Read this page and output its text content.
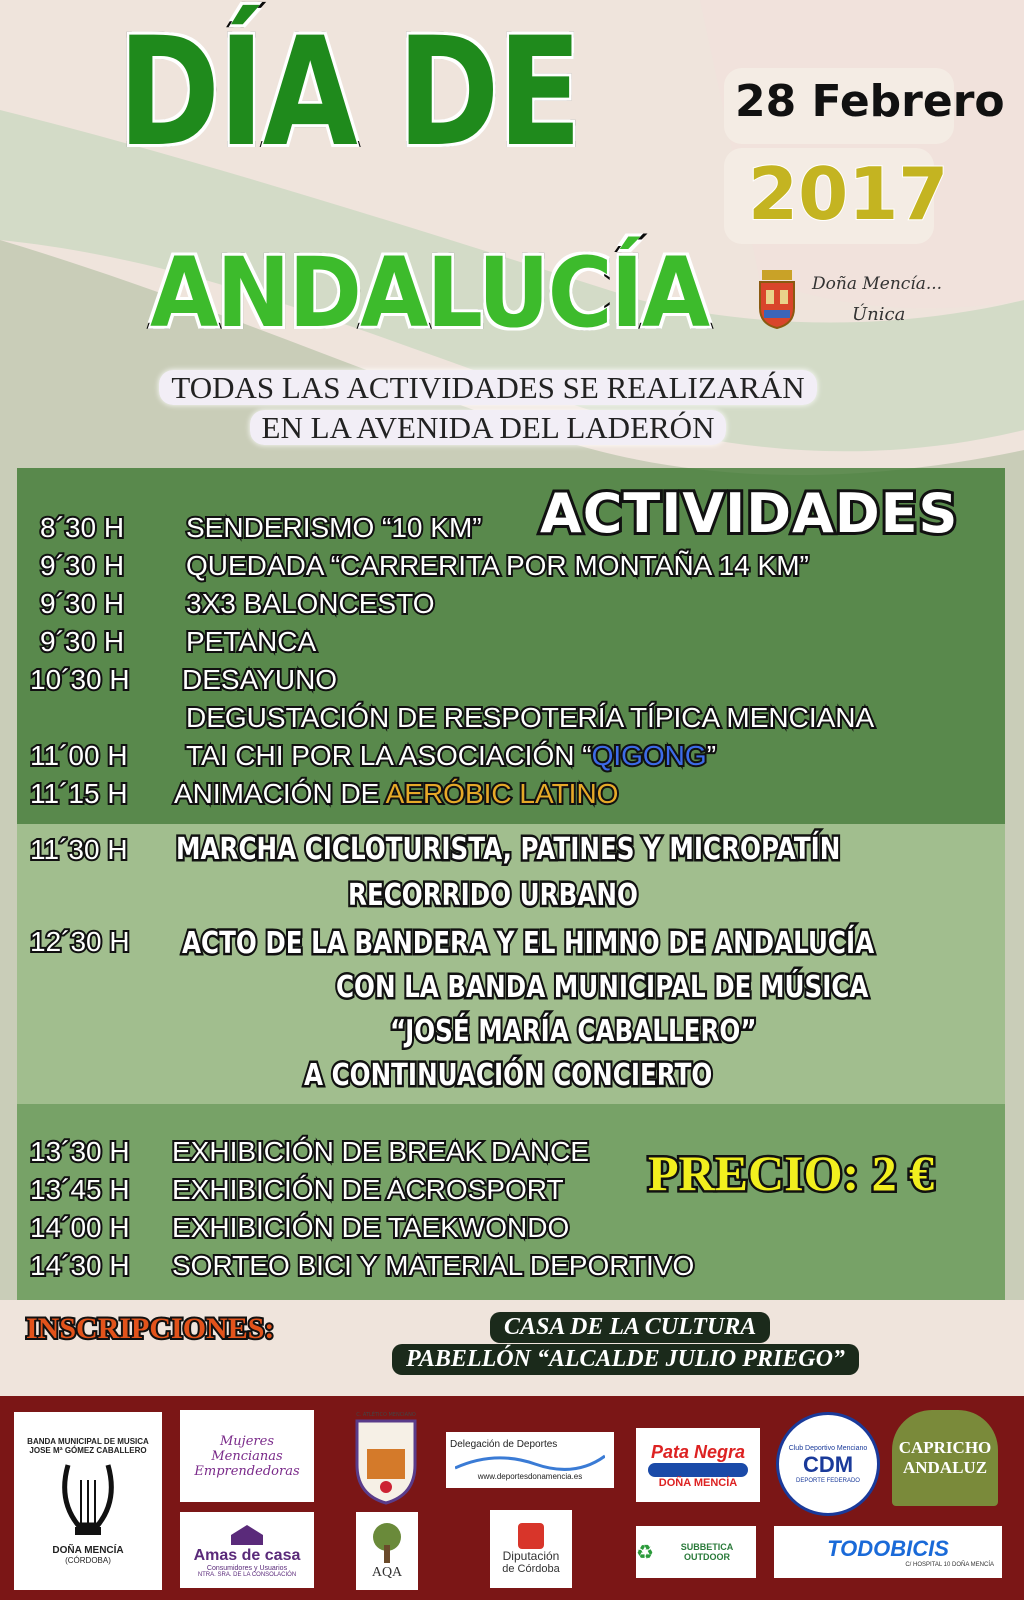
DÍA DE
ANDALUCÍA
28 Febrero
2017
Doña Mencía...
Única
TODAS LAS ACTIVIDADES SE REALIZARÁN
EN LA AVENIDA DEL LADERÓN
ACTIVIDADES
8´30 H SENDERISMO “10 KM”
9´30 H QUEDADA “CARRERITA POR MONTAÑA 14 KM”
9´30 H 3X3 BALONCESTO
9´30 H PETANCA
10´30 H DESAYUNO
DEGUSTACIÓN DE RESPOTERÍA TÍPICA MENCIANA
11´00 H TAI CHI POR LA ASOCIACIÓN “QIGONG”
11´15 H ANIMACIÓN DE AERÓBIC LATINO
11´30 H MARCHA CICLOTURISTA, PATINES Y MICROPATÍN
RECORRIDO URBANO
12´30 H ACTO DE LA BANDERA Y EL HIMNO DE ANDALUCÍA
CON LA BANDA MUNICIPAL DE MÚSICA
“JOSÉ MARÍA CABALLERO”
A CONTINUACIÓN CONCIERTO
13´30 H EXHIBICIÓN DE BREAK DANCE
13´45 H EXHIBICIÓN DE ACROSPORT
14´00 H EXHIBICIÓN DE TAEKWONDO
14´30 H SORTEO BICI Y MATERIAL DEPORTIVO
PRECIO: 2 €
INSCRIPCIONES:	CASA DE LA CULTURA
PABELLÓN “ALCALDE JULIO PRIEGO”
BANDA MUNICIPAL DE MUSICA JOSE Mª GÓMEZ CABALLERO
DOÑA MENCÍA
(CÓRDOBA)
Mujeres Mencianas Emprendedoras
C. ATLÉTICO MENCIANO
Delegación de Deportes
www.deportesdonamencia.es
Pata Negra
DOÑA MENCÍA
Club Deportivo Menciano
CDM
DEPORTE FEDERADO
CAPRICHO
ANDALUZ
Amas de casa
Consumidores y Usuarios
NTRA. SRA. DE LA CONSOLACIÓN	AQA
Diputación
de Córdoba
♻	SUBBETICA OUTDOOR	TODOBICIS
C/ HOSPITAL 10 DOÑA MENCÍA
